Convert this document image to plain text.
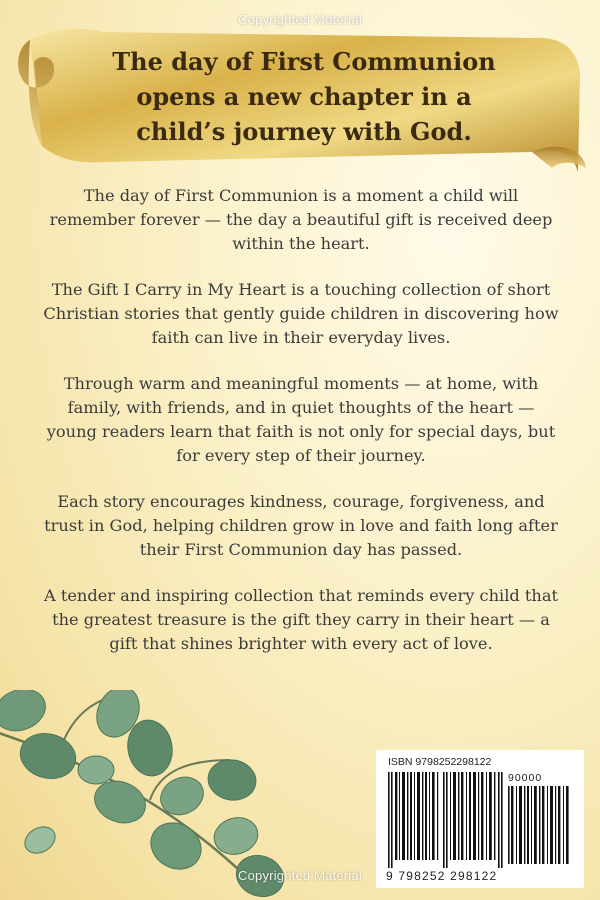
Copyrighted Material
The day of First Communion
opens a new chapter in a
child’s journey with God.

The day of First Communion is a moment a child will remember forever — the day a beautiful gift is received deep within the heart.

The Gift I Carry in My Heart is a touching collection of short Christian stories that gently guide children in discovering how faith can live in their everyday lives.

Through warm and meaningful moments — at home, with family, with friends, and in quiet thoughts of the heart — young readers learn that faith is not only for special days, but for every step of their journey.

Each story encourages kindness, courage, forgiveness, and trust in God, helping children grow in love and faith long after their First Communion day has passed.

A tender and inspiring collection that reminds every child that the greatest treasure is the gift they carry in their heart — a gift that shines brighter with every act of love.

ISBN 9798252298122
90000
9 798252 298122
Copyrighted Material
